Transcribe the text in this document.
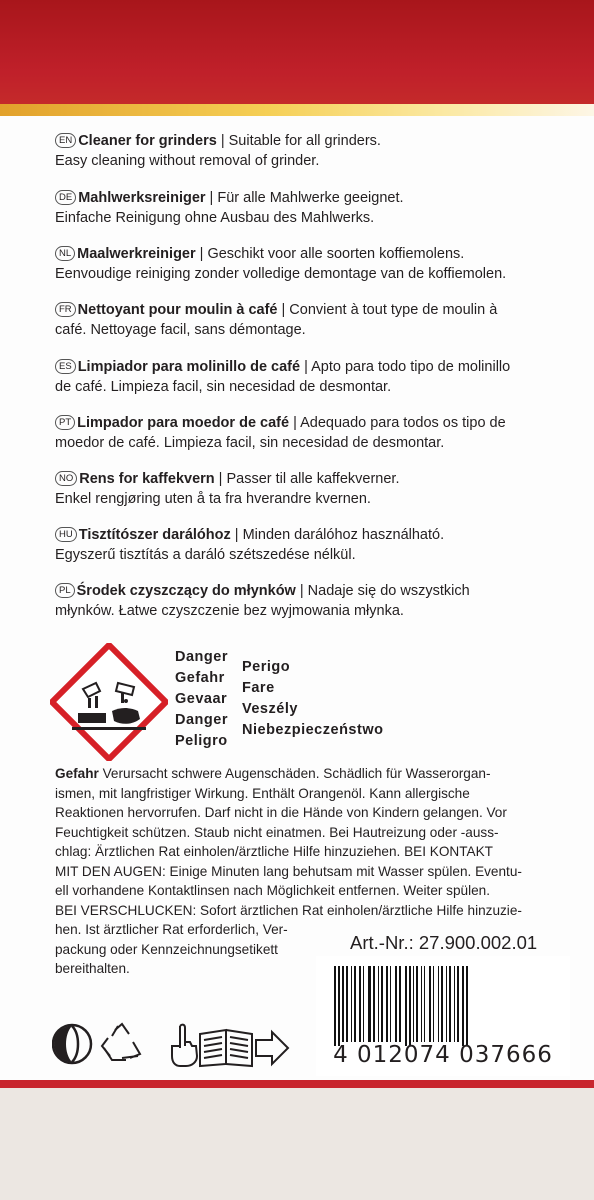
EN Cleaner for grinders | Suitable for all grinders.
Easy cleaning without removal of grinder.
DE Mahlwerksreiniger | Für alle Mahlwerke geeignet.
Einfache Reinigung ohne Ausbau des Mahlwerks.
NL Maalwerkreiniger | Geschikt voor alle soorten koffiemolens.
Eenvoudige reiniging zonder volledige demontage van de koffiemolen.
FR Nettoyant pour moulin à café | Convient à tout type de moulin à
café. Nettoyage facil, sans démontage.
ES Limpiador para molinillo de café | Apto para todo tipo de molinillo
de café. Limpieza facil, sin necesidad de desmontar.
PT Limpador para moedor de café | Adequado para todos os tipo de
moedor de café. Limpieza facil, sin necesidad de desmontar.
NO Rens for kaffekvern | Passer til alle kaffekverner.
Enkel rengjøring uten å ta fra hverandre kvernen.
HU Tisztítószer darálóhoz | Minden darálóhoz használható.
Egyszerű tisztítás a daráló szétszedése nélkül.
PL Środek czyszczący do młynków | Nadaje się do wszystkich
młynków. Łatwe czyszczenie bez wyjmowania młynka.
Danger
Gefahr
Gevaar
Danger
Peligro
Perigo
Fare
Veszély
Niebezpieczeństwo
Gefahr Verursacht schwere Augenschäden. Schädlich für Wasserorgan-
ismen, mit langfristiger Wirkung. Enthält Orangenöl. Kann allergische
Reaktionen hervorrufen. Darf nicht in die Hände von Kindern gelangen. Vor
Feuchtigkeit schützen. Staub nicht einatmen. Bei Hautreizung oder -auss-
chlag: Ärztlichen Rat einholen/ärztliche Hilfe hinzuziehen. BEI KONTAKT
MIT DEN AUGEN: Einige Minuten lang behutsam mit Wasser spülen. Eventu-
ell vorhandene Kontaktlinsen nach Möglichkeit entfernen. Weiter spülen.
BEI VERSCHLUCKEN: Sofort ärztlichen Rat einholen/ärztliche Hilfe hinzuzie-
hen. Ist ärztlicher Rat erforderlich, Ver-
packung oder Kennzeichnungsetikett
bereithalten.
Art.-Nr.: 27.900.002.01
4 012074 037666
